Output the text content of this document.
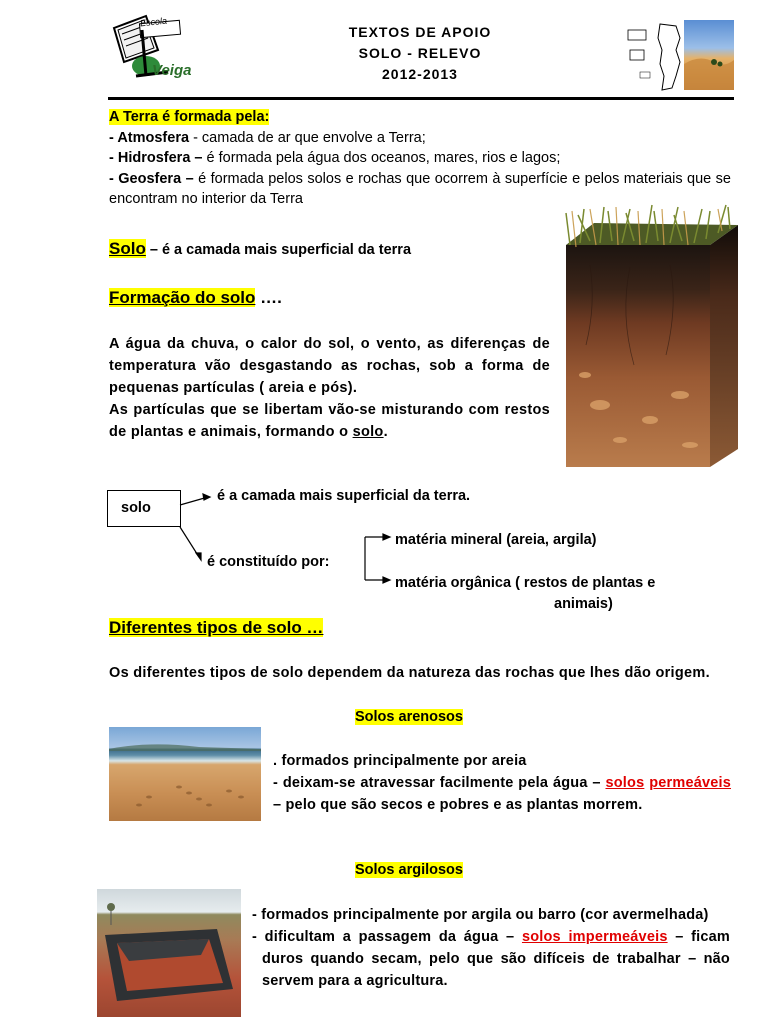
Escola
Veiga
TEXTOS DE APOIO
SOLO - RELEVO
2012-2013
A Terra é formada pela:
- Atmosfera - camada de ar que envolve a Terra;
- Hidrosfera – é formada pela água dos oceanos, mares, rios e lagos;
- Geosfera – é formada pelos solos e rochas que ocorrem à superfície e pelos materiais que se encontram no interior da Terra
Solo – é a camada mais superficial da terra
Formação do solo ….
A água da chuva, o calor do sol, o vento, as diferenças de temperatura vão desgastando as rochas, sob a forma de pequenas partículas ( areia e pós).
As partículas que se libertam vão-se misturando com restos de plantas e animais, formando o solo.
solo
é a camada mais superficial da terra.
é constituído por:
matéria mineral (areia, argila)
matéria orgânica ( restos de plantas e
animais)
Diferentes tipos de solo …
Os diferentes tipos de solo dependem da natureza das rochas que lhes dão origem.
Solos arenosos
. formados principalmente por areia
- deixam-se atravessar facilmente pela água – solos permeáveis – pelo que são secos e pobres e as plantas morrem.
Solos argilosos
- formados principalmente por argila ou barro (cor avermelhada)
- dificultam a passagem da água – solos impermeáveis – ficam duros quando secam, pelo que são difíceis de trabalhar – não servem para a agricultura.
